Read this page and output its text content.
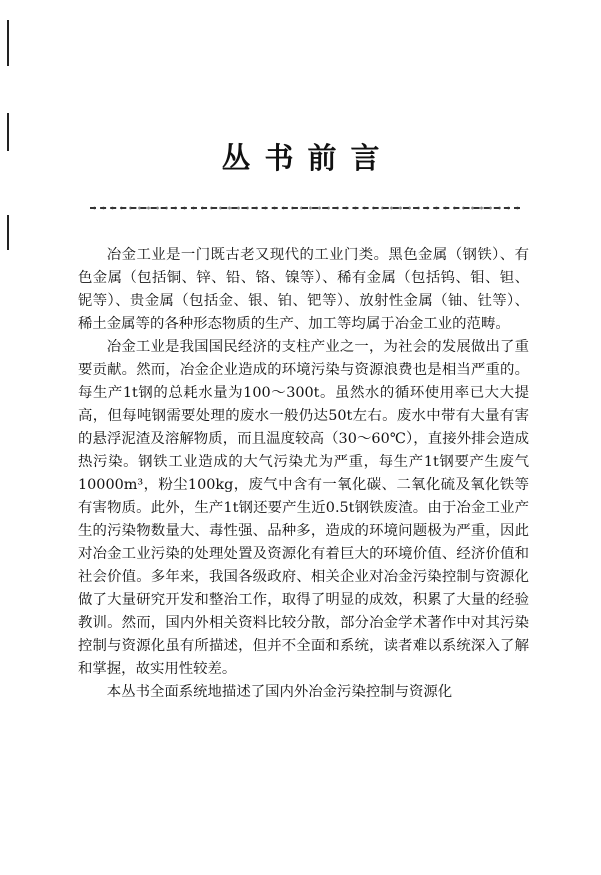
丛书前言

冶金工业是一门既古老又现代的工业门类。黑色金属（钢铁）、有色金属（包括铜、锌、铅、铬、镍等）、稀有金属（包括钨、钼、钽、铌等）、贵金属（包括金、银、铂、钯等）、放射性金属（铀、钍等）、稀土金属等的各种形态物质的生产、加工等均属于冶金工业的范畴。

冶金工业是我国国民经济的支柱产业之一，为社会的发展做出了重要贡献。然而，冶金企业造成的环境污染与资源浪费也是相当严重的。每生产1t钢的总耗水量为100～300t。虽然水的循环使用率已大大提高，但每吨钢需要处理的废水一般仍达50t左右。废水中带有大量有害的悬浮泥渣及溶解物质，而且温度较高（30～60℃），直接外排会造成热污染。钢铁工业造成的大气污染尤为严重，每生产1t钢要产生废气10000m³，粉尘100kg，废气中含有一氧化碳、二氧化硫及氧化铁等有害物质。此外，生产1t钢还要产生近0.5t钢铁废渣。由于冶金工业产生的污染物数量大、毒性强、品种多，造成的环境问题极为严重，因此对冶金工业污染的处理处置及资源化有着巨大的环境价值、经济价值和社会价值。多年来，我国各级政府、相关企业对冶金污染控制与资源化做了大量研究开发和整治工作，取得了明显的成效，积累了大量的经验教训。然而，国内外相关资料比较分散，部分冶金学术著作中对其污染控制与资源化虽有所描述，但并不全面和系统，读者难以系统深入了解和掌握，故实用性较差。

本丛书全面系统地描述了国内外冶金污染控制与资源化
